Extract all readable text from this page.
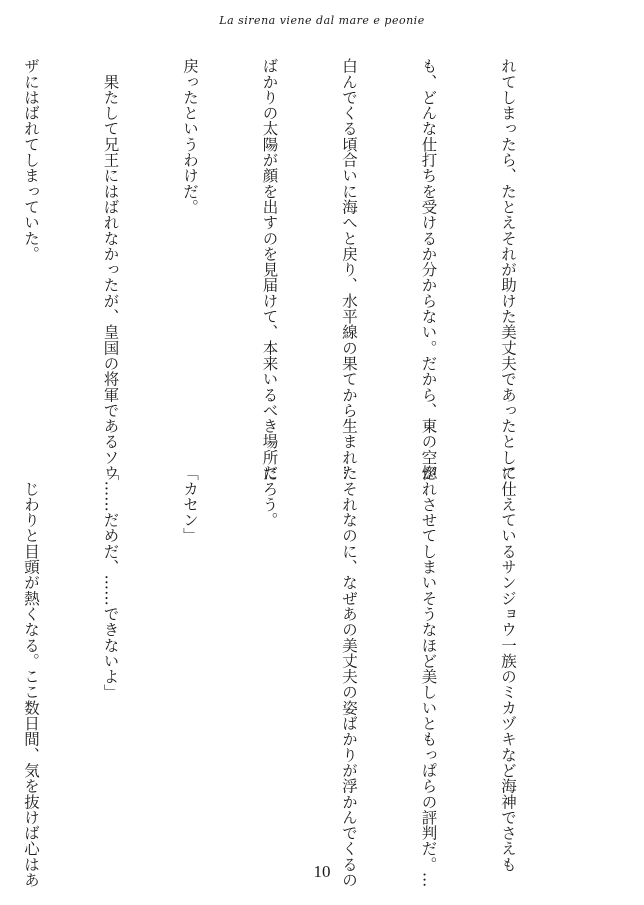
La sirena viene dal mare e peonie

れてしまったら、たとえそれが助けた美丈夫であったとして

も、どんな仕打ちを受けるか分からない。だから、東の空が

白んでくる頃合いに海へと戻り、水平線の果てから生まれた

ばかりの太陽が顔を出すのを見届けて、本来いるべき場所に

戻ったというわけだ。

　果たして兄王にはばれなかったが、皇国の将軍であるソウ

ザにはばれてしまっていた。

に仕えているサンジョウ一族のミカヅキなど海神でさえも

惚れさせてしまいそうなほど美しいともっぱらの評判だ。…

…それなのに、なぜあの美丈夫の姿ばかりが浮かんでくるの

だろう。

「カセン」

「……だめだ、……できないよ」

　じわりと目頭が熱くなる。ここ数日間、気を抜けば心はあ

	10
